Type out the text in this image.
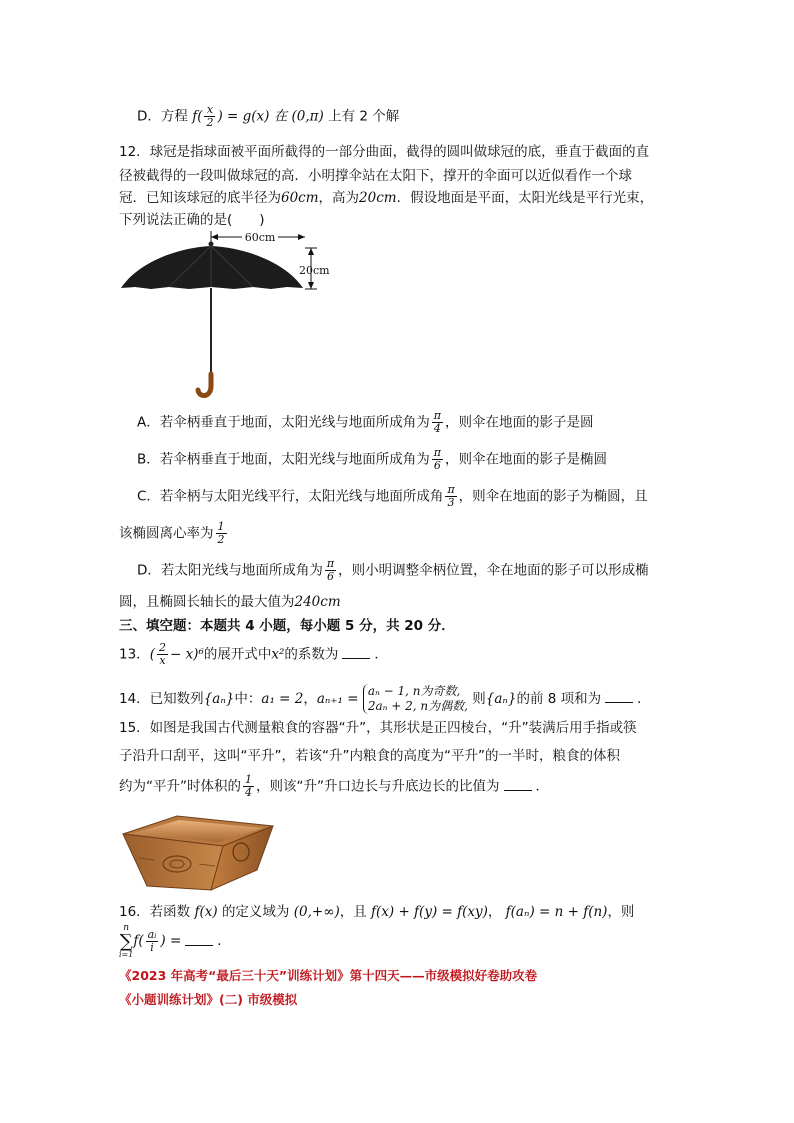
D．方程 $f( \frac{x}{2}$ ) = g(x) 在 (0,π) 上有 2 个解
12．球冠是指球面被平面所截得的一部分曲面，截得的圆叫做球冠的底，垂直于截面的直
径被截得的一段叫做球冠的高．小明撑伞站在太阳下，撑开的伞面可以近似看作一个球
冠．已知该球冠的底半径为60cm，高为20cm．假设地面是平面，太阳光线是平行光束，
下列说法正确的是(　　)
60cm
20cm
A．若伞柄垂直于地面，太阳光线与地面所成角为 $\frac{\pi}{4}$ ，则伞在地面的影子是圆
B．若伞柄垂直于地面，太阳光线与地面所成角为 $\frac{\pi}{6}$ ，则伞在地面的影子是椭圆
C．若伞柄与太阳光线平行，太阳光线与地面所成角 $\frac{\pi}{3}$ ，则伞在地面的影子为椭圆，且
该椭圆离心率为 $\frac{1}{2}$
D．若太阳光线与地面所成角为 $\frac{\pi}{6}$ ，则小明调整伞柄位置，伞在地面的影子可以形成椭
圆，且椭圆长轴长的最大值为240cm
三、填空题：本题共 4 小题，每小题 5 分，共 20 分．
13．( $\frac{2}{x} - x)^6$的展开式中x²的系数为	．
14．已知数列{aₙ}中：a₁ = 2，aₙ₊₁ = aₙ − 1, n为奇数,
2aₙ + 2, n为偶数, 则{aₙ}的前 8 项和为	．
15．如图是我国古代测量粮食的容器“升”，其形状是正四棱台，“升”装满后用手指或筷
子沿升口刮平，这叫“平升”，若该“升”内粮食的高度为“平升”的一半时，粮食的体积
约为“平升”时体积的 $\frac{1}{4}$ ，则该“升”升口边长与升底边长的比值为	．
16．若函数 f(x) 的定义域为 (0,+∞)，且 f(x) + f(y) = f(xy)， f(aₙ) = n + f(n)，则
n
∑
i=1
$f( \frac{\text{aᵢ}}{i}$ ) =	．
《2023 年高考“最后三十天”训练计划》第十四天——市级模拟好卷助攻卷
《小题训练计划》(二) 市级模拟
